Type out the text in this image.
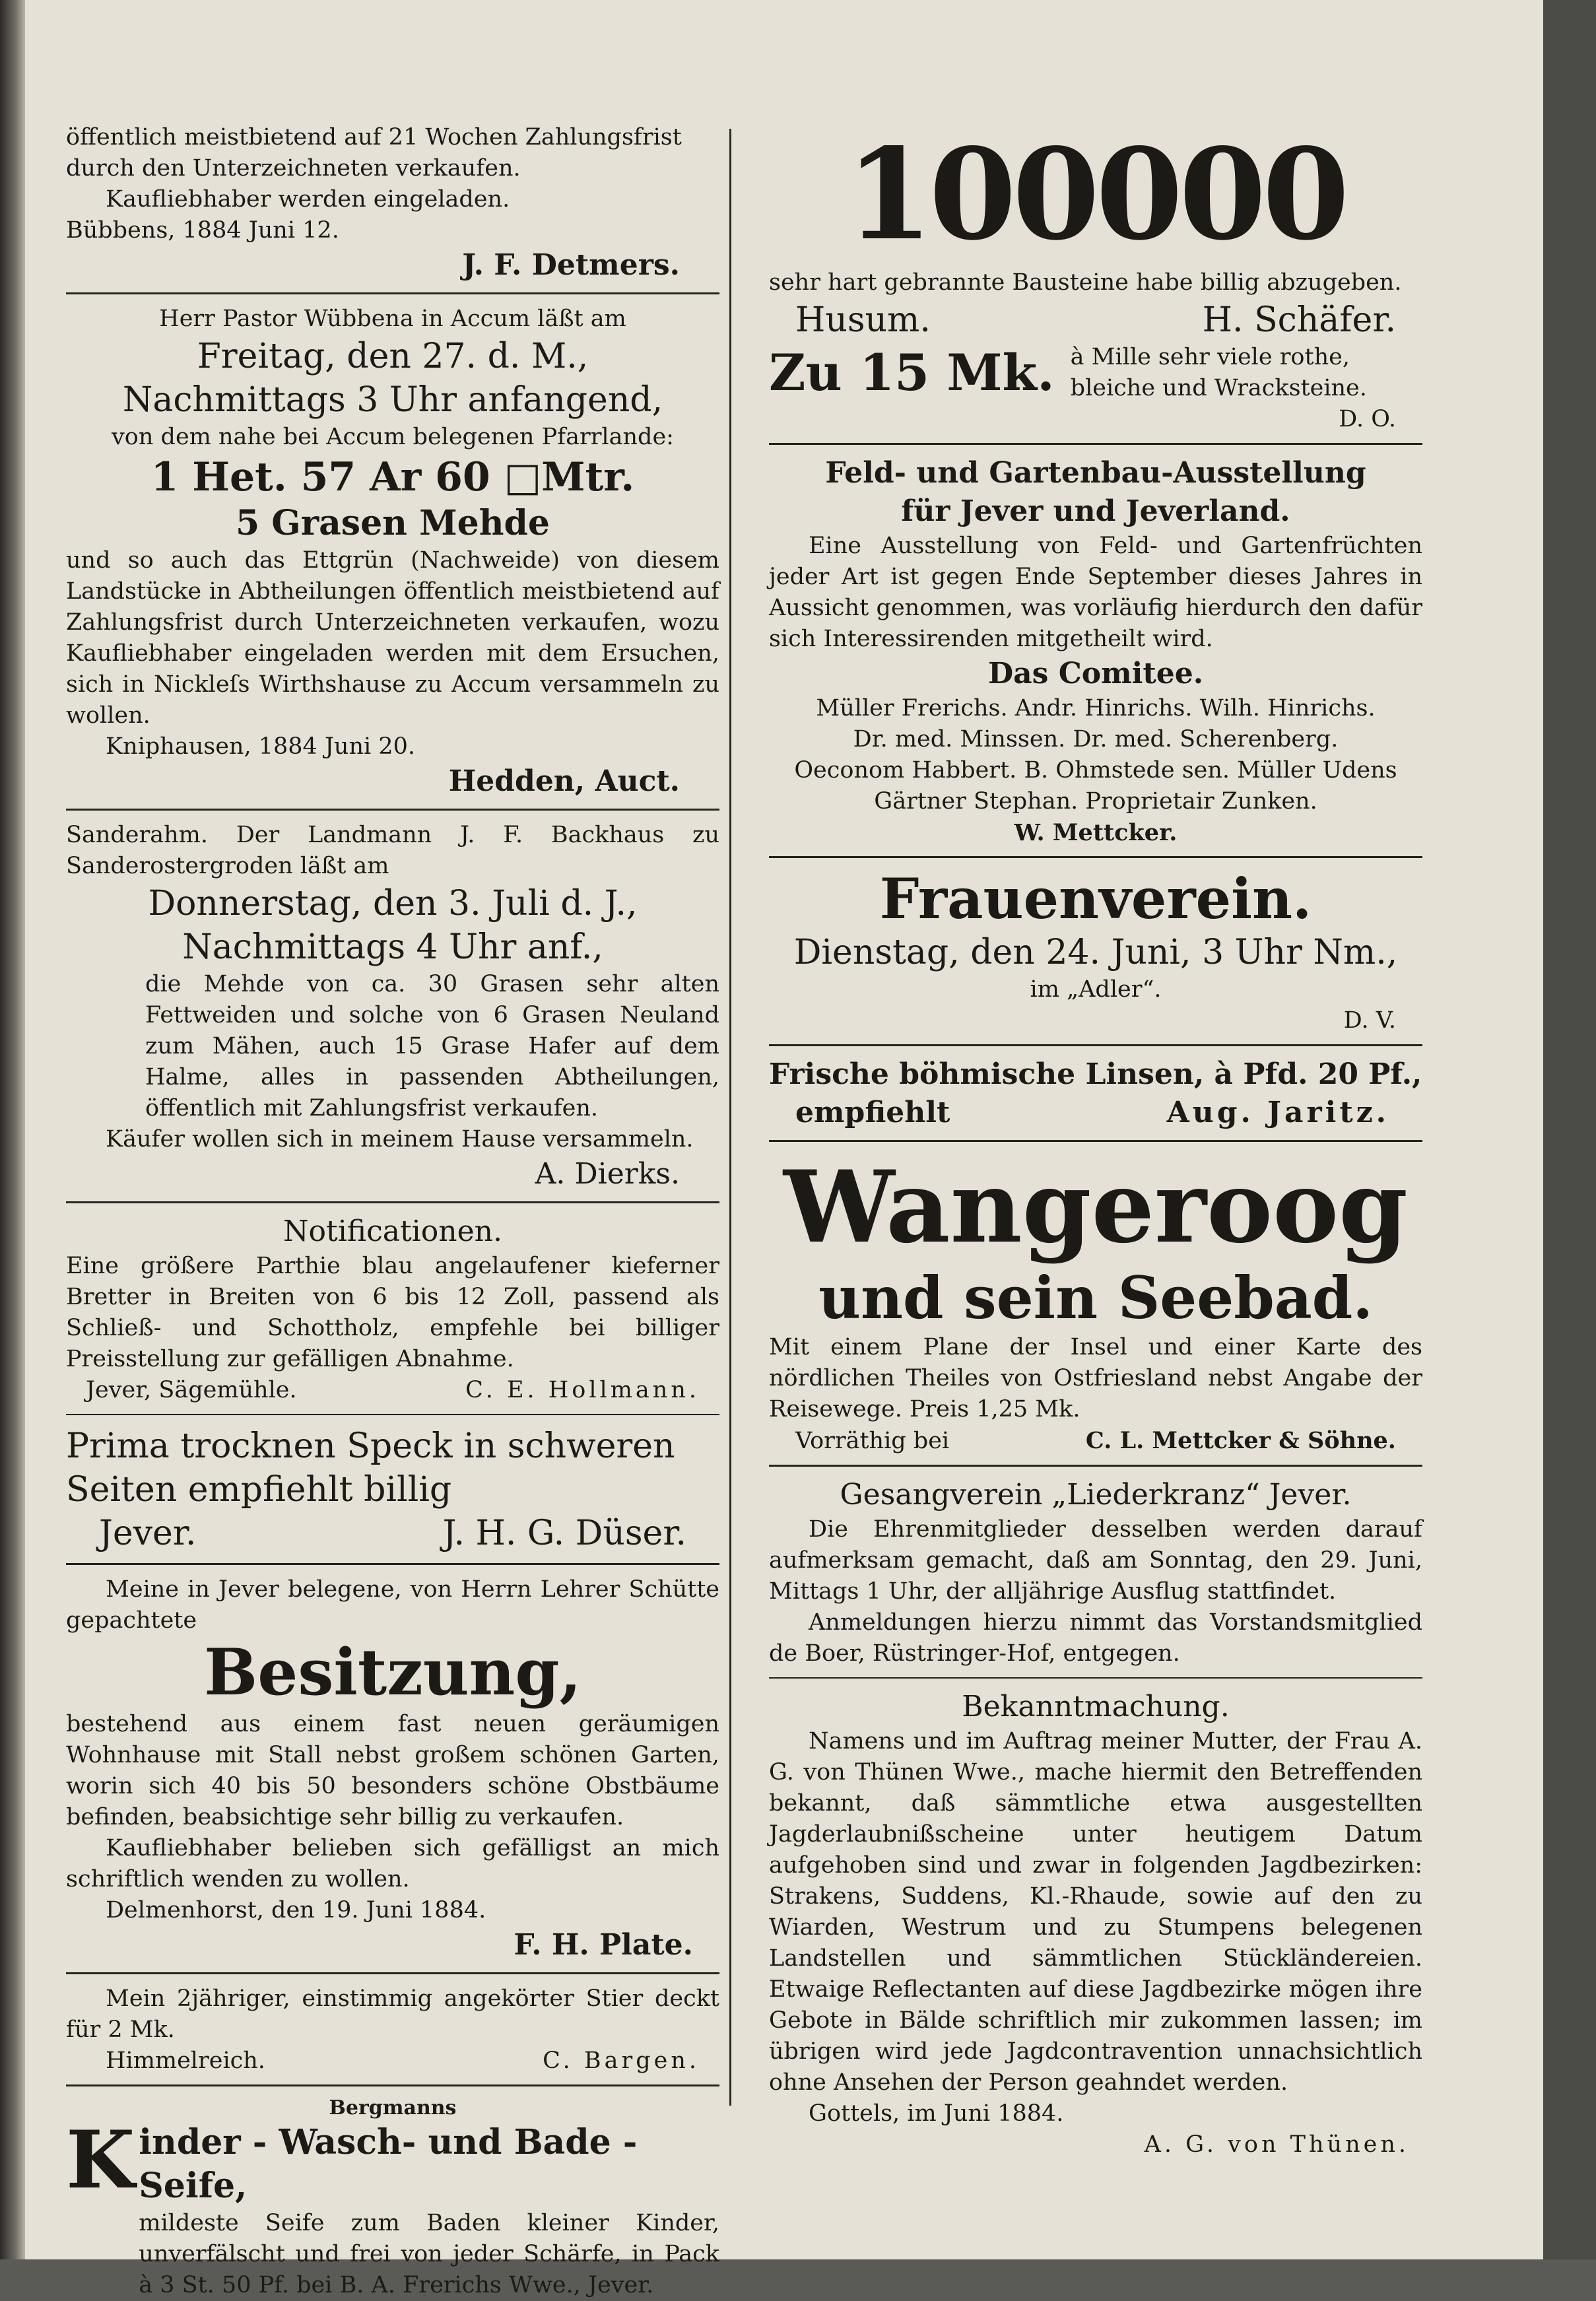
öffentlich meistbietend auf 21 Wochen Zahlungsfrist

durch den Unterzeichneten verkaufen.

Kaufliebhaber werden eingeladen.

Bübbens, 1884 Juni 12.

J. F. Detmers.

Herr Pastor Wübbena in Accum läßt am

Freitag, den 27. d. M.,

Nachmittags 3 Uhr anfangend,

von dem nahe bei Accum belegenen Pfarrlande:

1 Het. 57 Ar 60 □Mtr.

5 Grasen Mehde

und so auch das Ettgrün (Nachweide) von diesem Landstücke in Abtheilungen öffentlich meistbietend auf Zahlungsfrist durch Unterzeichneten verkaufen, wozu Kaufliebhaber eingeladen werden mit dem Ersuchen, sich in Nickleſs Wirthshause zu Accum versammeln zu wollen.

Kniphausen, 1884 Juni 20.

Hedden, Auct.

Sanderahm. Der Landmann J. F. Backhaus zu Sanderostergroden läßt am

Donnerstag, den 3. Juli d. J.,

Nachmittags 4 Uhr anf.,

die Mehde von ca. 30 Grasen sehr alten Fettweiden und solche von 6 Grasen Neuland zum Mähen, auch 15 Grase Hafer auf dem Halme, alles in passenden Abtheilungen, öffentlich mit Zahlungsfrist verkaufen.

Käufer wollen sich in meinem Hause versammeln.

A. Dierks.

Notificationen.

Eine größere Parthie blau angelaufener kieferner Bretter in Breiten von 6 bis 12 Zoll, passend als Schließ- und Schottholz, empfehle bei billiger Preisstellung zur gefälligen Abnahme.

Jever, Sägemühle.	C. E. Hollmann.

Prima trocknen Speck in schweren

Seiten empfiehlt billig

Jever.	J. H. G. Düser.

Meine in Jever belegene, von Herrn Lehrer Schütte gepachtete

Besitzung,

bestehend aus einem fast neuen geräumigen Wohnhause mit Stall nebst großem schönen Garten, worin sich 40 bis 50 besonders schöne Obstbäume befinden, beabsichtige sehr billig zu verkaufen.

Kaufliebhaber belieben sich gefälligst an mich schriftlich wenden zu wollen.

Delmenhorst, den 19. Juni 1884.

F. H. Plate.

Mein 2jähriger, einstimmig angekörter Stier deckt für 2 Mk.

Himmelreich.	C. Bargen.

Bergmanns

K inder - Wasch- und Bade - Seife,

mildeste Seife zum Baden kleiner Kinder, unverfälscht und frei von jeder Schärfe, in Pack à 3 St. 50 Pf. bei B. A. Frerichs Wwe., Jever.

100000

sehr hart gebrannte Bausteine habe billig abzugeben.

Husum.	H. Schäfer.

Zu 15 Mk. à Mille sehr viele rothe, bleiche und Wracksteine.

D. O.

Feld- und Gartenbau-Ausstellung

für Jever und Jeverland.

Eine Ausstellung von Feld- und Gartenfrüchten jeder Art ist gegen Ende September dieses Jahres in Aussicht genommen, was vorläufig hierdurch den dafür sich Interessirenden mitgetheilt wird.

Das Comitee.

Müller Frerichs. Andr. Hinrichs. Wilh. Hinrichs.

Dr. med. Minssen. Dr. med. Scherenberg.

Oeconom Habbert. B. Ohmstede sen. Müller Udens

Gärtner Stephan. Proprietair Zunken.

W. Mettcker.

Frauenverein.

Dienstag, den 24. Juni, 3 Uhr Nm.,

im „Adler“.

D. V.

Frische böhmische Linsen, à Pfd. 20 Pf.,

empfiehlt	Aug. Jaritz.

Wangeroog

und sein Seebad.

Mit einem Plane der Insel und einer Karte des nördlichen Theiles von Ostfriesland nebst Angabe der Reisewege. Preis 1,25 Mk.

Vorräthig bei	C. L. Mettcker & Söhne.

Gesangverein „Liederkranz“ Jever.

Die Ehrenmitglieder desselben werden darauf aufmerksam gemacht, daß am Sonntag, den 29. Juni, Mittags 1 Uhr, der alljährige Ausflug stattfindet.

Anmeldungen hierzu nimmt das Vorstandsmitglied de Boer, Rüstringer-Hof, entgegen.

Bekanntmachung.

Namens und im Auftrag meiner Mutter, der Frau A. G. von Thünen Wwe., mache hiermit den Betreffenden bekannt, daß sämmtliche etwa ausgestellten Jagderlaubnißscheine unter heutigem Datum aufgehoben sind und zwar in folgenden Jagdbezirken: Strakens, Suddens, Kl.-Rhaude, sowie auf den zu Wiarden, Westrum und zu Stumpens belegenen Landstellen und sämmtlichen Stückländereien. Etwaige Reflectanten auf diese Jagdbezirke mögen ihre Gebote in Bälde schriftlich mir zukommen lassen; im übrigen wird jede Jagdcontravention unnachsichtlich ohne Ansehen der Person geahndet werden.

Gottels, im Juni 1884.

A. G. von Thünen.
